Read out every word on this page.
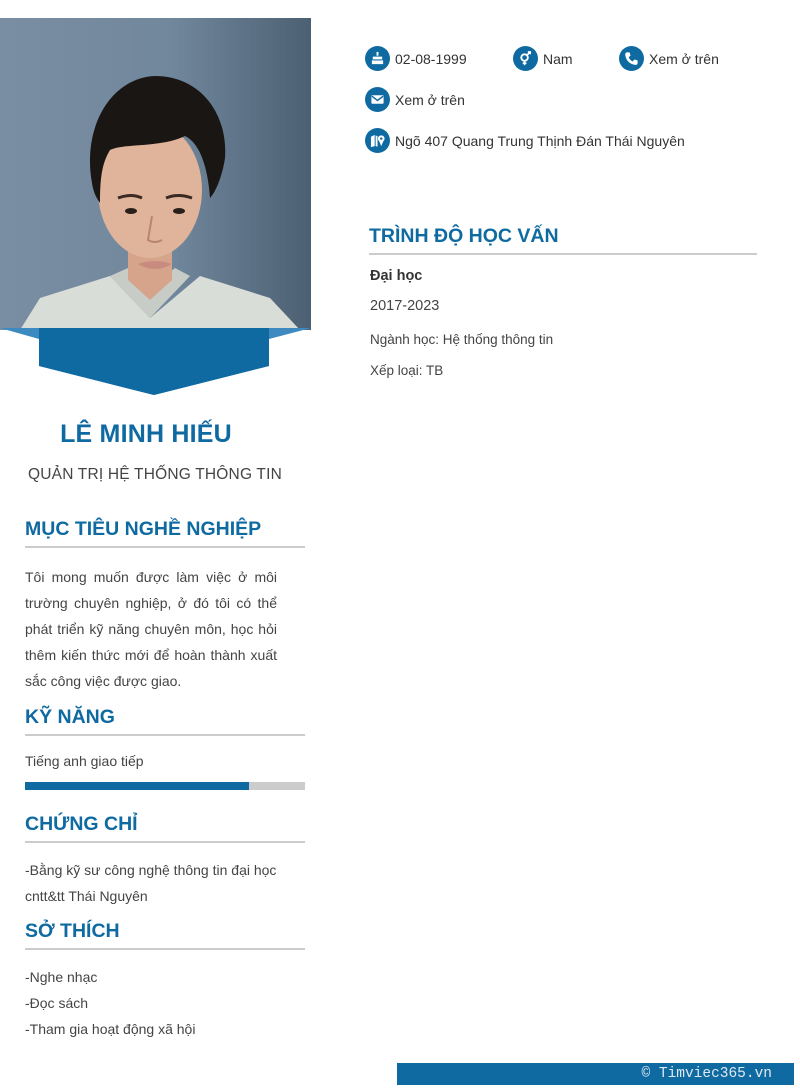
LÊ MINH HIẾU
QUẢN TRỊ HỆ THỐNG THÔNG TIN
MỤC TIÊU NGHỀ NGHIỆP
Tôi mong muốn được làm việc ở môi trường chuyên nghiệp, ở đó tôi có thể phát triển kỹ năng chuyên môn, học hỏi thêm kiến thức mới để hoàn thành xuất sắc công việc được giao.
KỸ NĂNG
Tiếng anh giao tiếp
CHỨNG CHỈ
-Bằng kỹ sư công nghệ thông tin đại học cntt&tt Thái Nguyên
SỞ THÍCH
-Nghe nhạc
-Đọc sách
-Tham gia hoạt động xã hội
02-08-1999	Nam	Xem ở trên
Xem ở trên
Ngõ 407 Quang Trung Thịnh Đán Thái Nguyên
TRÌNH ĐỘ HỌC VẤN
Đại học
2017-2023
Ngành học: Hệ thống thông tin
Xếp loại: TB
© Timviec365.vn
